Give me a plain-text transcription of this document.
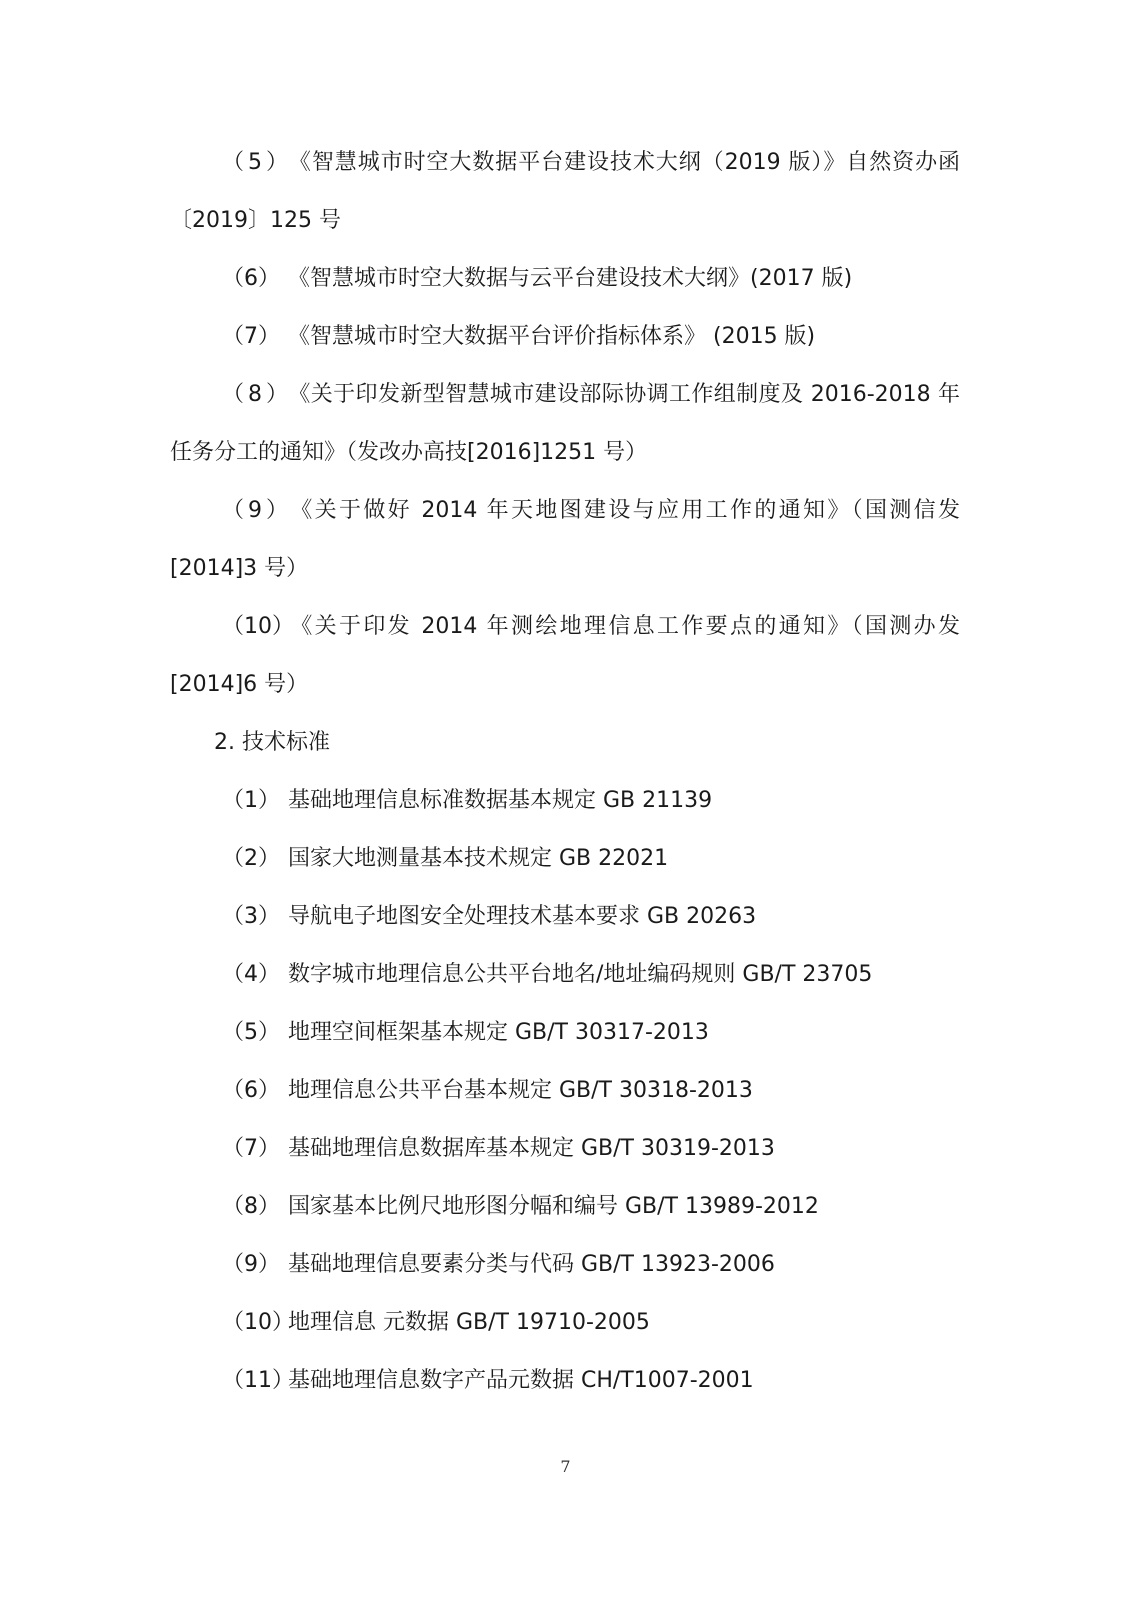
（5）《智慧城市时空大数据平台建设技术大纲（2019 版）》自然资办函
〔2019〕125 号
（6） 《智慧城市时空大数据与云平台建设技术大纲》(2017 版)
（7） 《智慧城市时空大数据平台评价指标体系》 (2015 版)
（8）《关于印发新型智慧城市建设部际协调工作组制度及 2016-2018 年
任务分工的通知》（发改办高技[2016]1251 号）
（9）《关于做好 2014 年天地图建设与应用工作的通知》（国测信发
[2014]3 号）
（10）《关于印发 2014 年测绘地理信息工作要点的通知》（国测办发
[2014]6 号）
2. 技术标准
（1） 基础地理信息标准数据基本规定 GB 21139
（2） 国家大地测量基本技术规定 GB 22021
（3） 导航电子地图安全处理技术基本要求 GB 20263
（4） 数字城市地理信息公共平台地名/地址编码规则 GB/T 23705
（5） 地理空间框架基本规定 GB/T 30317-2013
（6） 地理信息公共平台基本规定 GB/T 30318-2013
（7） 基础地理信息数据库基本规定 GB/T 30319-2013
（8） 国家基本比例尺地形图分幅和编号 GB/T 13989-2012
（9） 基础地理信息要素分类与代码 GB/T 13923-2006
（10）地理信息 元数据 GB/T 19710-2005
（11）基础地理信息数字产品元数据 CH/T1007-2001
7
